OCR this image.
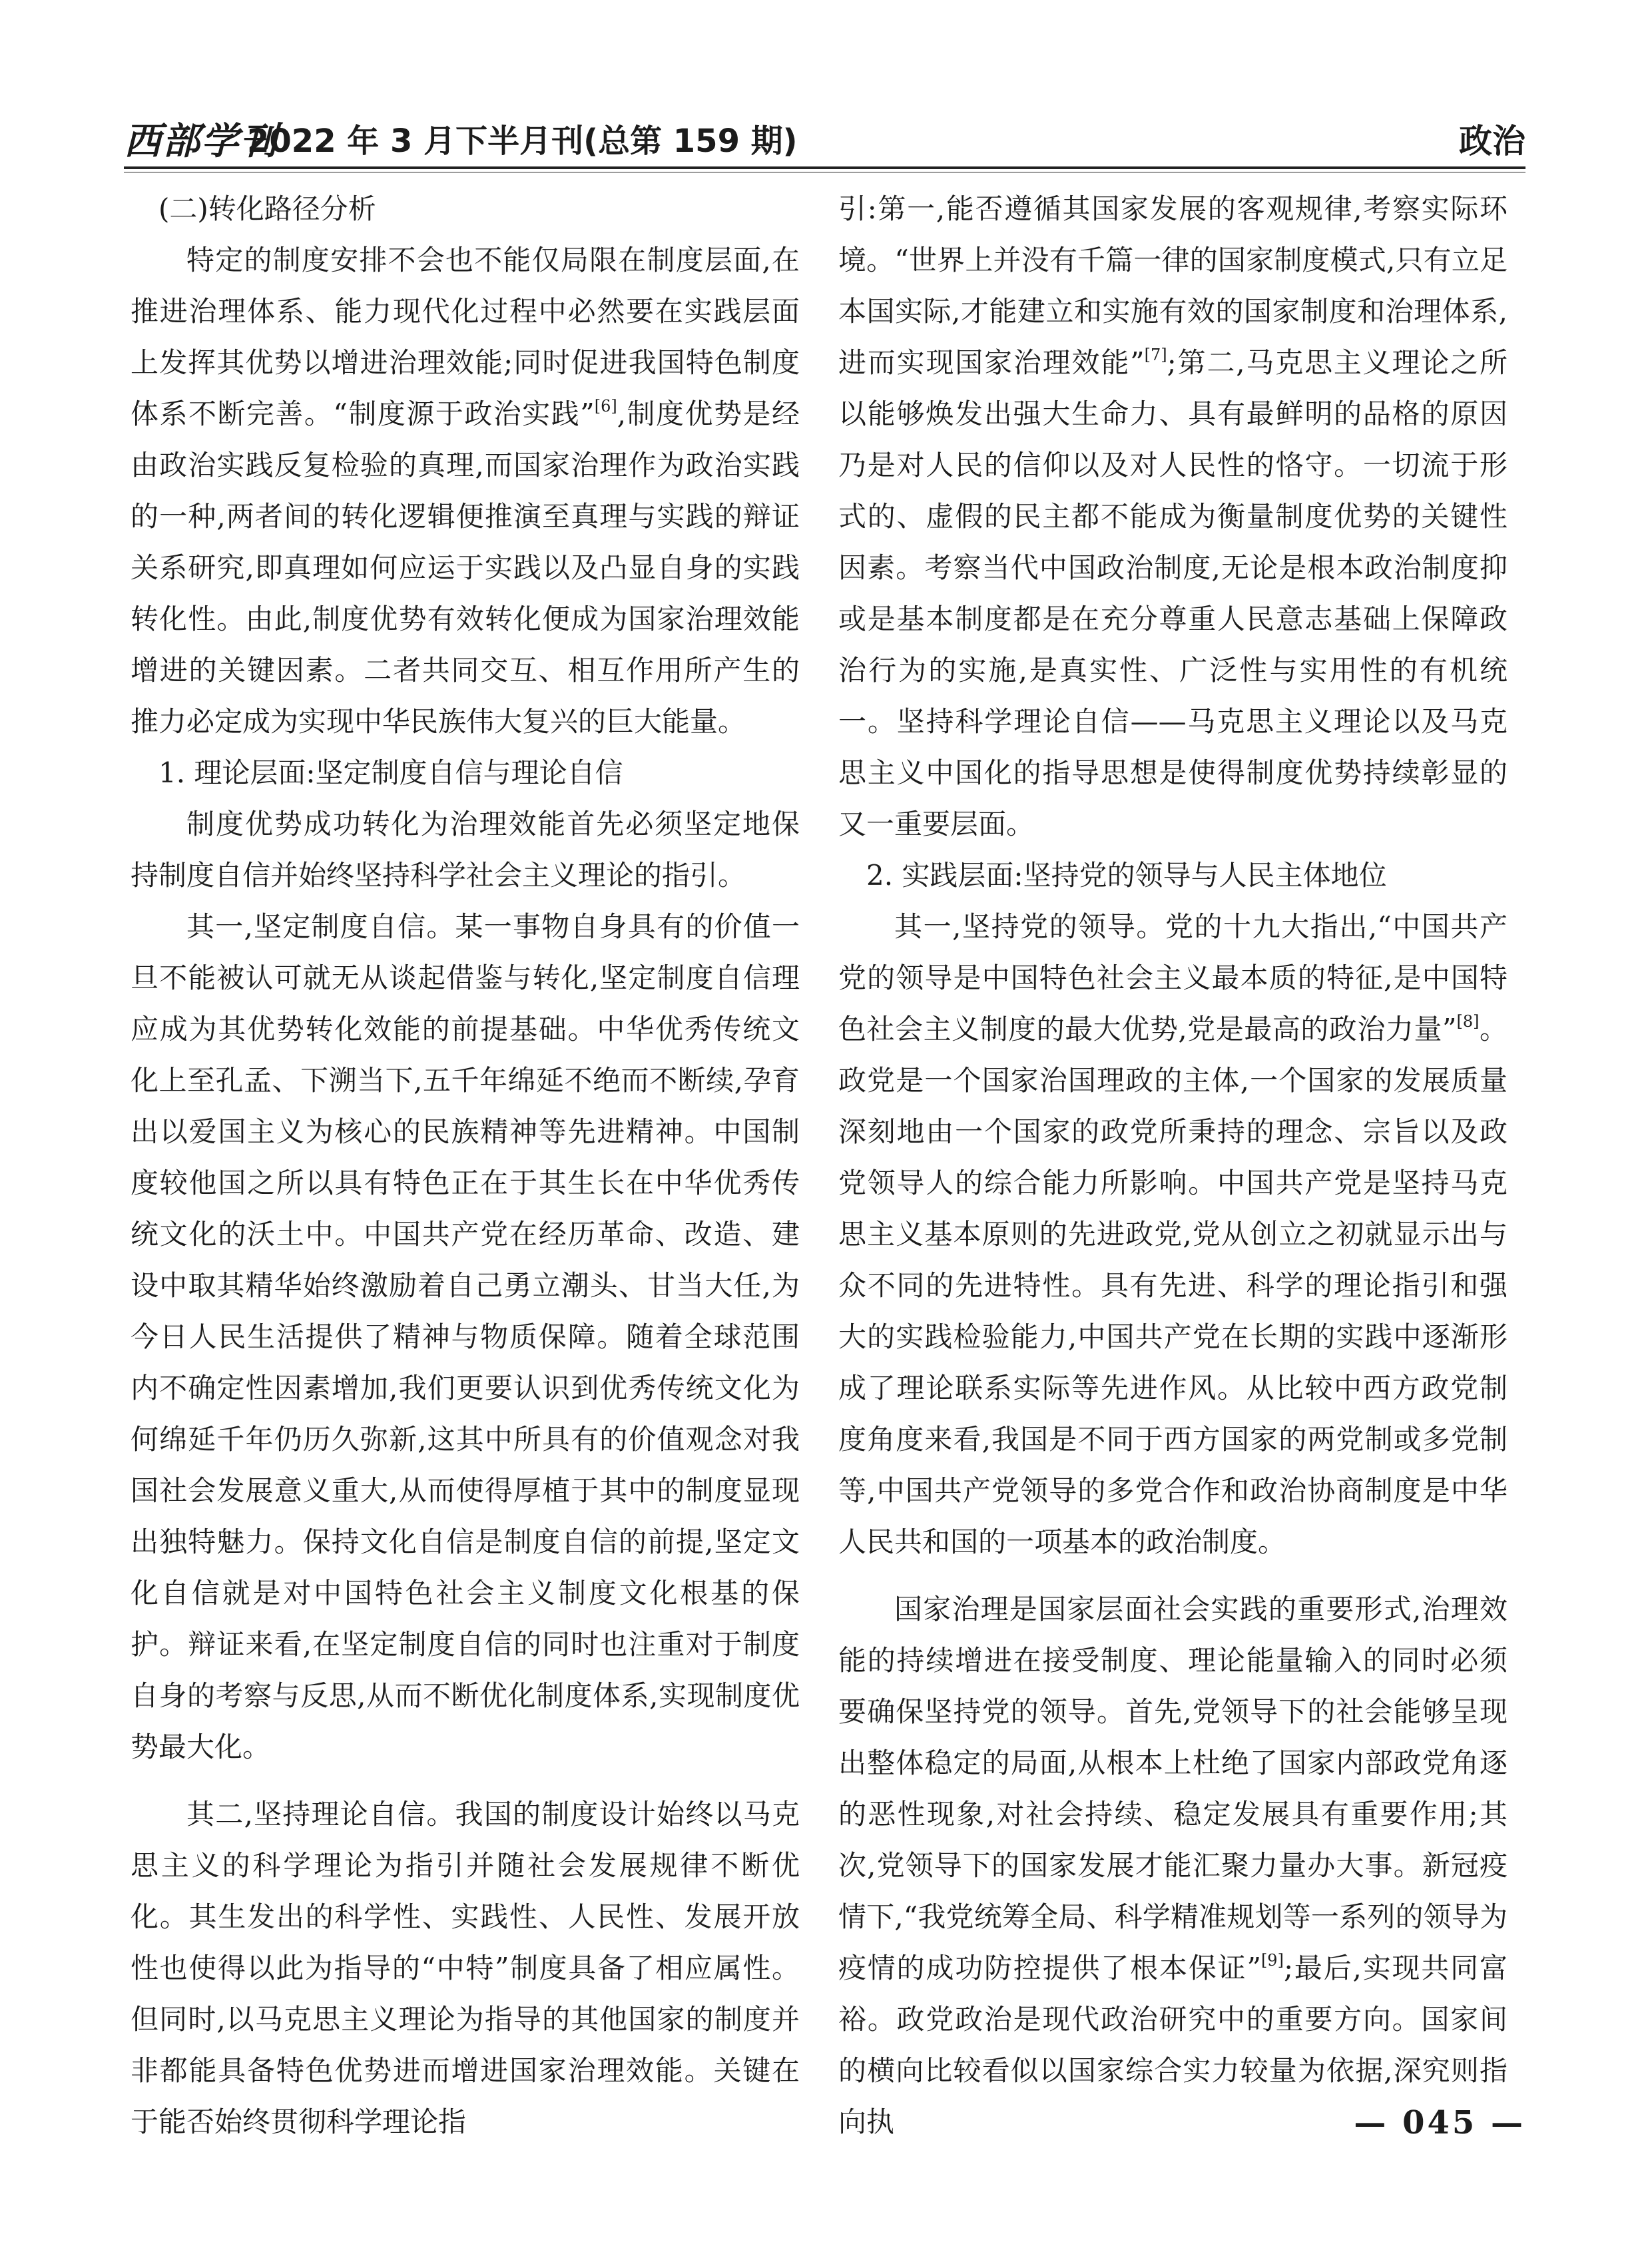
西部学刊
2022 年 3 月下半月刊(总第 159 期)	政治

(二)转化路径分析

特定的制度安排不会也不能仅局限在制度层面,在推进治理体系、能力现代化过程中必然要在实践层面上发挥其优势以增进治理效能;同时促进我国特色制度体系不断完善。“制度源于政治实践”[6],制度优势是经由政治实践反复检验的真理,而国家治理作为政治实践的一种,两者间的转化逻辑便推演至真理与实践的辩证关系研究,即真理如何应运于实践以及凸显自身的实践转化性。由此,制度优势有效转化便成为国家治理效能增进的关键因素。二者共同交互、相互作用所产生的推力必定成为实现中华民族伟大复兴的巨大能量。

1. 理论层面:坚定制度自信与理论自信

制度优势成功转化为治理效能首先必须坚定地保持制度自信并始终坚持科学社会主义理论的指引。

其一,坚定制度自信。某一事物自身具有的价值一旦不能被认可就无从谈起借鉴与转化,坚定制度自信理应成为其优势转化效能的前提基础。中华优秀传统文化上至孔孟、下溯当下,五千年绵延不绝而不断续,孕育出以爱国主义为核心的民族精神等先进精神。中国制度较他国之所以具有特色正在于其生长在中华优秀传统文化的沃土中。中国共产党在经历革命、改造、建设中取其精华始终激励着自己勇立潮头、甘当大任,为今日人民生活提供了精神与物质保障。随着全球范围内不确定性因素增加,我们更要认识到优秀传统文化为何绵延千年仍历久弥新,这其中所具有的价值观念对我国社会发展意义重大,从而使得厚植于其中的制度显现出独特魅力。保持文化自信是制度自信的前提,坚定文化自信就是对中国特色社会主义制度文化根基的保护。辩证来看,在坚定制度自信的同时也注重对于制度自身的考察与反思,从而不断优化制度体系,实现制度优势最大化。

其二,坚持理论自信。我国的制度设计始终以马克思主义的科学理论为指引并随社会发展规律不断优化。其生发出的科学性、实践性、人民性、发展开放性也使得以此为指导的“中特”制度具备了相应属性。但同时,以马克思主义理论为指导的其他国家的制度并非都能具备特色优势进而增进国家治理效能。关键在于能否始终贯彻科学理论指

引:第一,能否遵循其国家发展的客观规律,考察实际环境。“世界上并没有千篇一律的国家制度模式,只有立足本国实际,才能建立和实施有效的国家制度和治理体系,进而实现国家治理效能”[7];第二,马克思主义理论之所以能够焕发出强大生命力、具有最鲜明的品格的原因乃是对人民的信仰以及对人民性的恪守。一切流于形式的、虚假的民主都不能成为衡量制度优势的关键性因素。考察当代中国政治制度,无论是根本政治制度抑或是基本制度都是在充分尊重人民意志基础上保障政治行为的实施,是真实性、广泛性与实用性的有机统一。坚持科学理论自信——马克思主义理论以及马克思主义中国化的指导思想是使得制度优势持续彰显的又一重要层面。

2. 实践层面:坚持党的领导与人民主体地位

其一,坚持党的领导。党的十九大指出,“中国共产党的领导是中国特色社会主义最本质的特征,是中国特色社会主义制度的最大优势,党是最高的政治力量”[8]。政党是一个国家治国理政的主体,一个国家的发展质量深刻地由一个国家的政党所秉持的理念、宗旨以及政党领导人的综合能力所影响。中国共产党是坚持马克思主义基本原则的先进政党,党从创立之初就显示出与众不同的先进特性。具有先进、科学的理论指引和强大的实践检验能力,中国共产党在长期的实践中逐渐形成了理论联系实际等先进作风。从比较中西方政党制度角度来看,我国是不同于西方国家的两党制或多党制等,中国共产党领导的多党合作和政治协商制度是中华人民共和国的一项基本的政治制度。

国家治理是国家层面社会实践的重要形式,治理效能的持续增进在接受制度、理论能量输入的同时必须要确保坚持党的领导。首先,党领导下的社会能够呈现出整体稳定的局面,从根本上杜绝了国家内部政党角逐的恶性现象,对社会持续、稳定发展具有重要作用;其次,党领导下的国家发展才能汇聚力量办大事。新冠疫情下,“我党统筹全局、科学精准规划等一系列的领导为疫情的成功防控提供了根本保证”[9];最后,实现共同富裕。政党政治是现代政治研究中的重要方向。国家间的横向比较看似以国家综合实力较量为依据,深究则指向执	— 045 —
